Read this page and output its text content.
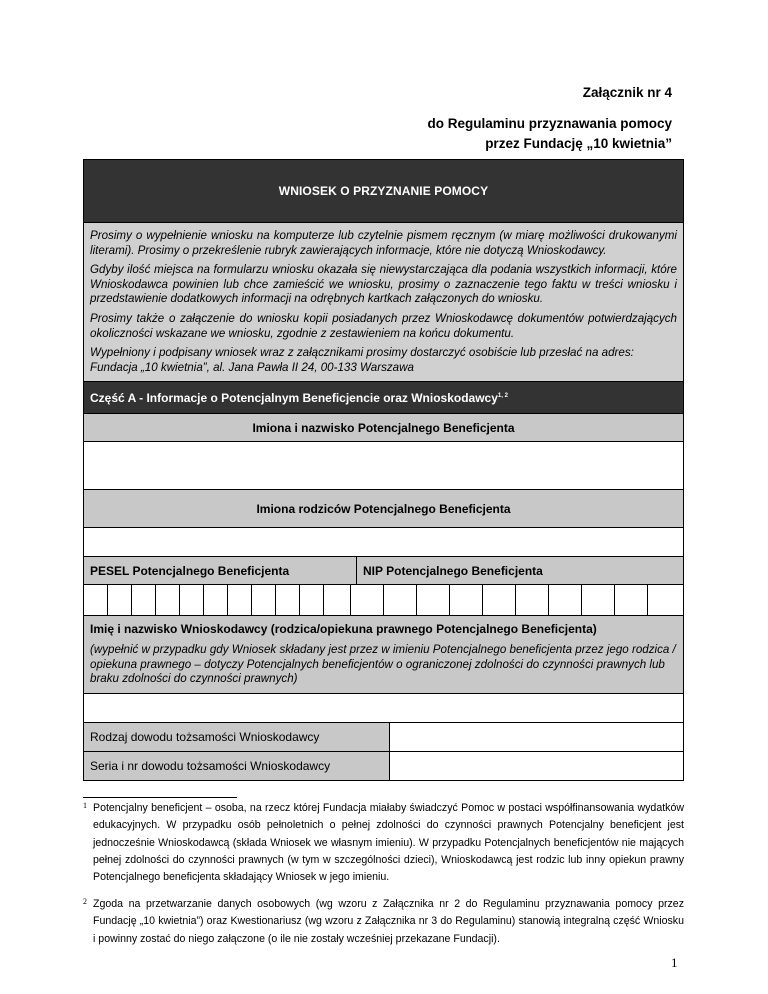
Załącznik nr 4
do Regulaminu przyznawania pomocy
przez Fundację „10 kwietnia”
WNIOSEK O PRZYZNANIE POMOCY

Prosimy o wypełnienie wniosku na komputerze lub czytelnie pismem ręcznym (w miarę możliwości drukowanymi literami). Prosimy o przekreślenie rubryk zawierających informacje, które nie dotyczą Wnioskodawcy.

Gdyby ilość miejsca na formularzu wniosku okazała się niewystarczająca dla podania wszystkich informacji, które Wnioskodawca powinien lub chce zamieścić we wniosku, prosimy o zaznaczenie tego faktu w treści wniosku i przedstawienie dodatkowych informacji na odrębnych kartkach załączonych do wniosku.

Prosimy także o załączenie do wniosku kopii posiadanych przez Wnioskodawcę dokumentów potwierdzających okoliczności wskazane we wniosku, zgodnie z zestawieniem na końcu dokumentu.

Wypełniony i podpisany wniosek wraz z załącznikami prosimy dostarczyć osobiście lub przesłać na adres: Fundacja „10 kwietnia”, al. Jana Pawła II 24, 00-133 Warszawa

Część A - Informacje o Potencjalnym Beneficjencie oraz Wnioskodawcy$^{1, 2}$
Imiona i nazwisko Potencjalnego Beneficjenta
Imiona rodziców Potencjalnego Beneficjenta
PESEL Potencjalnego Beneficjenta	NIP Potencjalnego Beneficjenta
Imię i nazwisko Wnioskodawcy (rodzica/opiekuna prawnego Potencjalnego Beneficjenta)
(wypełnić w przypadku gdy Wniosek składany jest przez w imieniu Potencjalnego beneficjenta przez jego rodzica / opiekuna prawnego – dotyczy Potencjalnych beneficjentów o ograniczonej zdolności do czynności prawnych lub braku zdolności do czynności prawnych)
Rodzaj dowodu tożsamości Wnioskodawcy
Seria i nr dowodu tożsamości Wnioskodawcy
1 Potencjalny beneficjent – osoba, na rzecz której Fundacja miałaby świadczyć Pomoc w postaci współfinansowania wydatków edukacyjnych. W przypadku osób pełnoletnich o pełnej zdolności do czynności prawnych Potencjalny beneficjent jest jednocześnie Wnioskodawcą (składa Wniosek we własnym imieniu). W przypadku Potencjalnych beneficjentów nie mających pełnej zdolności do czynności prawnych (w tym w szczególności dzieci), Wnioskodawcą jest rodzic lub inny opiekun prawny Potencjalnego beneficjenta składający Wniosek w jego imieniu.
2 Zgoda na przetwarzanie danych osobowych (wg wzoru z Załącznika nr 2 do Regulaminu przyznawania pomocy przez Fundację „10 kwietnia”) oraz Kwestionariusz (wg wzoru z Załącznika nr 3 do Regulaminu) stanowią integralną część Wniosku i powinny zostać do niego załączone (o ile nie zostały wcześniej przekazane Fundacji).
1
